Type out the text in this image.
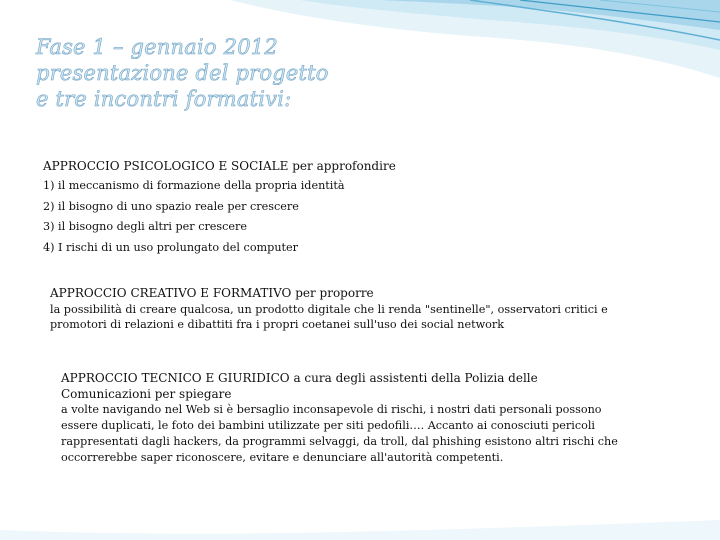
Fase 1 – gennaio 2012
presentazione del progetto
e tre incontri formativi:
APPROCCIO PSICOLOGICO E SOCIALE per approfondire
1) il meccanismo di formazione della propria identità
2) il bisogno di uno spazio reale per crescere
3) il bisogno degli altri per crescere
4) I rischi di un uso prolungato del computer
APPROCCIO CREATIVO E FORMATIVO per proporre
la possibilità di creare qualcosa, un prodotto digitale che li renda "sentinelle", osservatori critici e
promotori di relazioni e dibattiti fra i propri coetanei sull'uso dei social network
APPROCCIO TECNICO E GIURIDICO a cura degli assistenti della Polizia delle
Comunicazioni per spiegare
a volte navigando nel Web si è bersaglio inconsapevole di rischi, i nostri dati personali possono
essere duplicati, le foto dei bambini utilizzate per siti pedofili…. Accanto ai conosciuti pericoli
rappresentati dagli hackers, da programmi selvaggi, da troll, dal phishing esistono altri rischi che
occorrerebbe saper riconoscere, evitare e denunciare all'autorità competenti.
